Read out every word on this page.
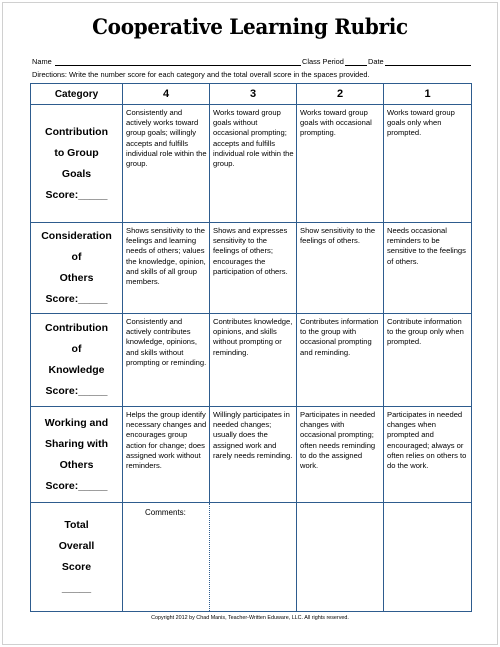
Cooperative Learning Rubric
Name	Class Period	Date
Directions: Write the number score for each category and the total overall score in the spaces provided.
Category	4	3	2	1

Contribution
to Group
Goals
Score:_____	Consistently and actively works toward group goals; willingly accepts and fulfills individual role within the group.	Works toward group goals without occasional prompting; accepts and fulfills individual role within the group.	Works toward group goals with occasional prompting.	Works toward group goals only when prompted.

Consideration
of
Others
Score:_____	Shows sensitivity to the feelings and learning needs of others; values the knowledge, opinion, and skills of all group members.	Shows and expresses sensitivity to the feelings of others; encourages the participation of others.	Show sensitivity to the feelings of others.	Needs occasional reminders to be sensitive to the feelings of others.

Contribution
of
Knowledge
Score:_____	Consistently and actively contributes knowledge, opinions, and skills without prompting or reminding.	Contributes knowledge, opinions, and skills without prompting or reminding.	Contributes information to the group with occasional prompting and reminding.	Contribute information to the group only when prompted.

Working and
Sharing with
Others
Score:_____	Helps the group identify necessary changes and encourages group action for change; does assigned work without reminders.	Willingly participates in needed changes; usually does the assigned work and rarely needs reminding.	Participates in needed changes with occasional prompting; often needs reminding to do the assigned work.	Participates in needed changes when prompted and encouraged; always or often relies on others to do the work.

Total
Overall
Score
_____	Comments:			
Copyright 2012 by Chad Manis, Teacher-Written Eduware, LLC. All rights reserved.
